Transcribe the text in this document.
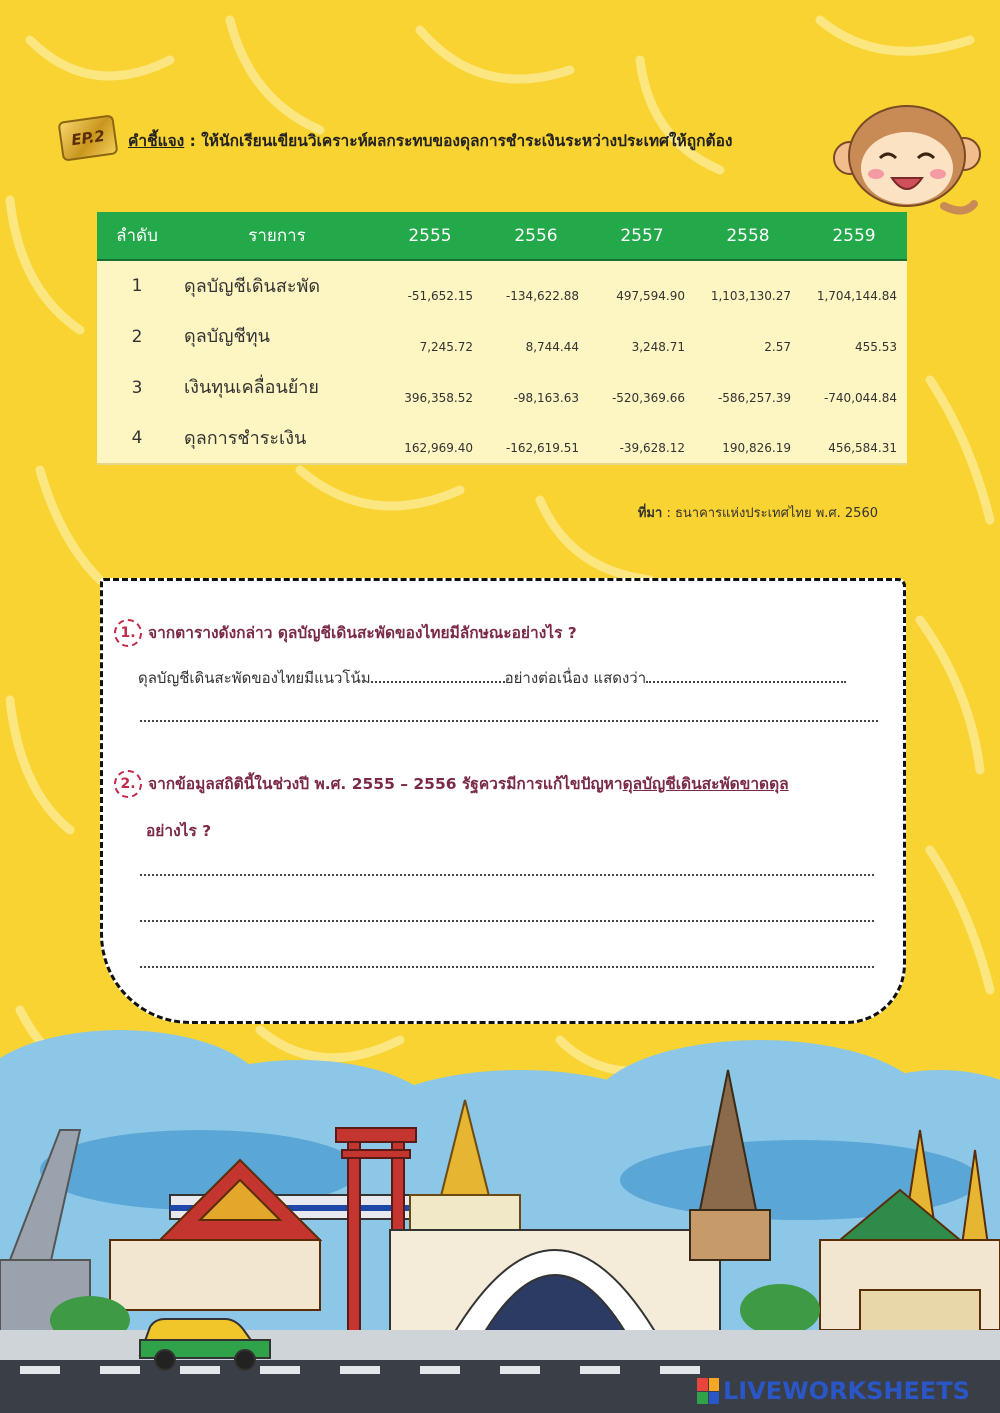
EP.2	คำชี้แจง : ให้นักเรียนเขียนวิเคราะห์ผลกระทบของดุลการชำระเงินระหว่างประเทศให้ถูกต้อง
ลำดับ	รายการ	2555	2556	2557	2558	2559
1	ดุลบัญชีเดินสะพัด	-51,652.15	-134,622.88	497,594.90	1,103,130.27	1,704,144.84
2	ดุลบัญชีทุน	7,245.72	8,744.44	3,248.71	2.57	455.53
3	เงินทุนเคลื่อนย้าย	396,358.52	-98,163.63	-520,369.66	-586,257.39	-740,044.84
4	ดุลการชำระเงิน	162,969.40	-162,619.51	-39,628.12	190,826.19	456,584.31
ที่มา : ธนาคารแห่งประเทศไทย พ.ศ. 2560
1. จากตารางดังกล่าว ดุลบัญชีเดินสะพัดของไทยมีลักษณะอย่างไร ?
ดุลบัญชีเดินสะพัดของไทยมีแนวโน้ม	อย่างต่อเนื่อง แสดงว่า
2. จากข้อมูลสถิตินี้ในช่วงปี พ.ศ. 2555 – 2556 รัฐควรมีการแก้ไขปัญหาดุลบัญชีเดินสะพัดขาดดุล
อย่างไร ?
LIVEWORKSHEETS
